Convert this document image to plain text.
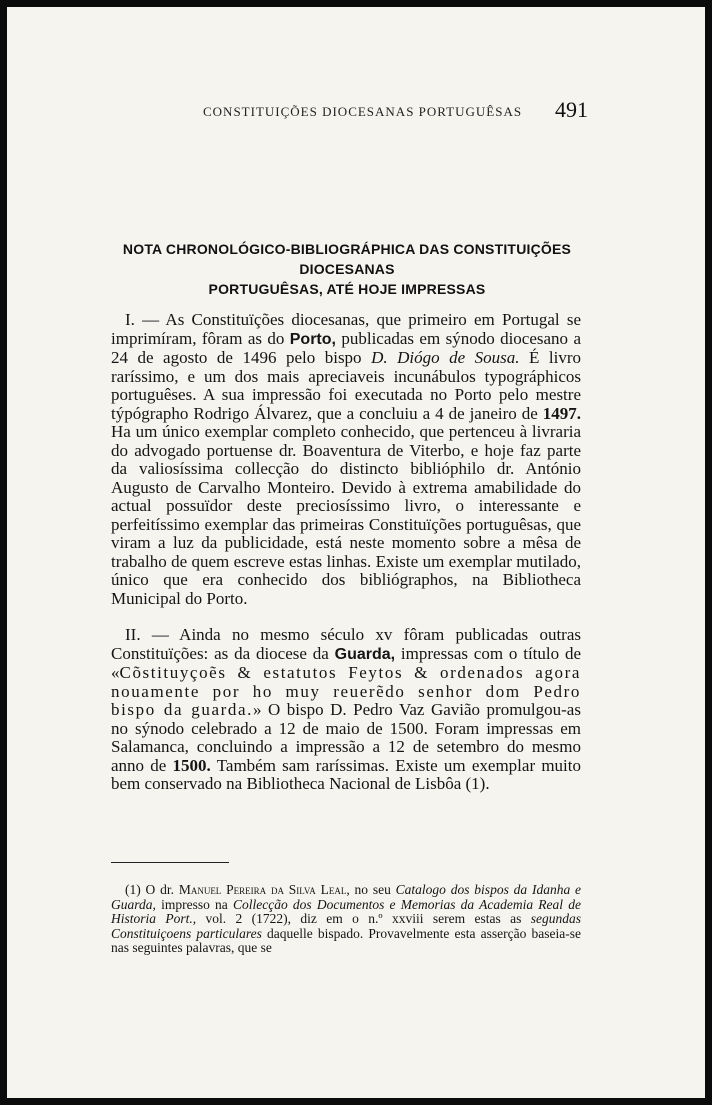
CONSTITUIÇÕES DIOCESANAS PORTUGUÊSAS 491
NOTA CHRONOLÓGICO-BIBLIOGRÁPHICA DAS CONSTITUIÇÕES DIOCESANAS
PORTUGUÊSAS, ATÉ HOJE IMPRESSAS

I. — As Constituïções diocesanas, que primeiro em Portugal se imprimíram, fôram as do Porto, publicadas em sýnodo diocesano a 24 de agosto de 1496 pelo bispo D. Diógo de Sousa. É livro raríssimo, e um dos mais apreciaveis incunábulos typográphicos portuguêses. A sua impressão foi executada no Porto pelo mestre týpógrapho Rodrigo Álvarez, que a concluiu a 4 de janeiro de 1497. Ha um único exemplar completo conhecido, que pertenceu à livraria do advogado portuense dr. Boaventura de Viterbo, e hoje faz parte da valiosíssima collecção do distincto biblióphilo dr. António Augusto de Carvalho Monteiro. Devido à extrema amabilidade do actual possuïdor deste preciosíssimo livro, o interessante e perfeitíssimo exemplar das primeiras Constituïções portuguêsas, que viram a luz da publicidade, está neste momento sobre a mêsa de trabalho de quem escreve estas linhas. Existe um exemplar mutilado, único que era conhecido dos bibliógraphos, na Bibliotheca Municipal do Porto.

II. — Ainda no mesmo século xv fôram publicadas outras Constituïções: as da diocese da Guarda, impressas com o título de «Cõstituyçoẽs & estatutos Feytos & ordenados agora nouamente por ho muy reuerẽdo senhor dom Pedro bispo da guarda.» O bispo D. Pedro Vaz Gavião promulgou-as no sýnodo celebrado a 12 de maio de 1500. Foram impressas em Salamanca, concluindo a impressão a 12 de setembro do mesmo anno de 1500. Também sam raríssimas. Existe um exemplar muito bem conservado na Bibliotheca Nacional de Lisbôa (1).

(1) O dr. Manuel Pereira da Silva Leal, no seu Catalogo dos bispos da Idanha e Guarda, impresso na Collecção dos Documentos e Memorias da Academia Real de Historia Port., vol. 2 (1722), diz em o n.º xxviii serem estas as segundas Constituiçoens particulares daquelle bispado. Provavelmente esta asserção baseia-se nas seguintes palavras, que se
